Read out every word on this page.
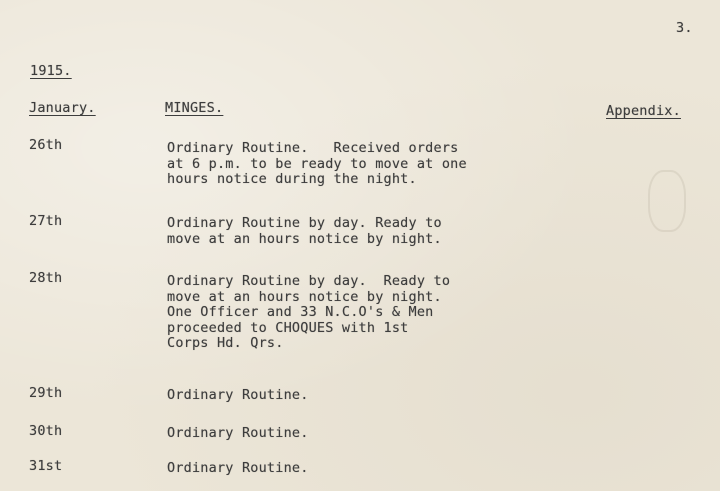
3.
1915.
January.	MINGES.	Appendix.
26th	Ordinary Routine.   Received orders
at 6 p.m. to be ready to move at one
hours notice during the night.
27th	Ordinary Routine by day. Ready to
move at an hours notice by night.
28th	Ordinary Routine by day.  Ready to
move at an hours notice by night.
One Officer and 33 N.C.O's & Men
proceeded to CHOQUES with 1st
Corps Hd. Qrs.
29th	Ordinary Routine.
30th	Ordinary Routine.
31st	Ordinary Routine.
